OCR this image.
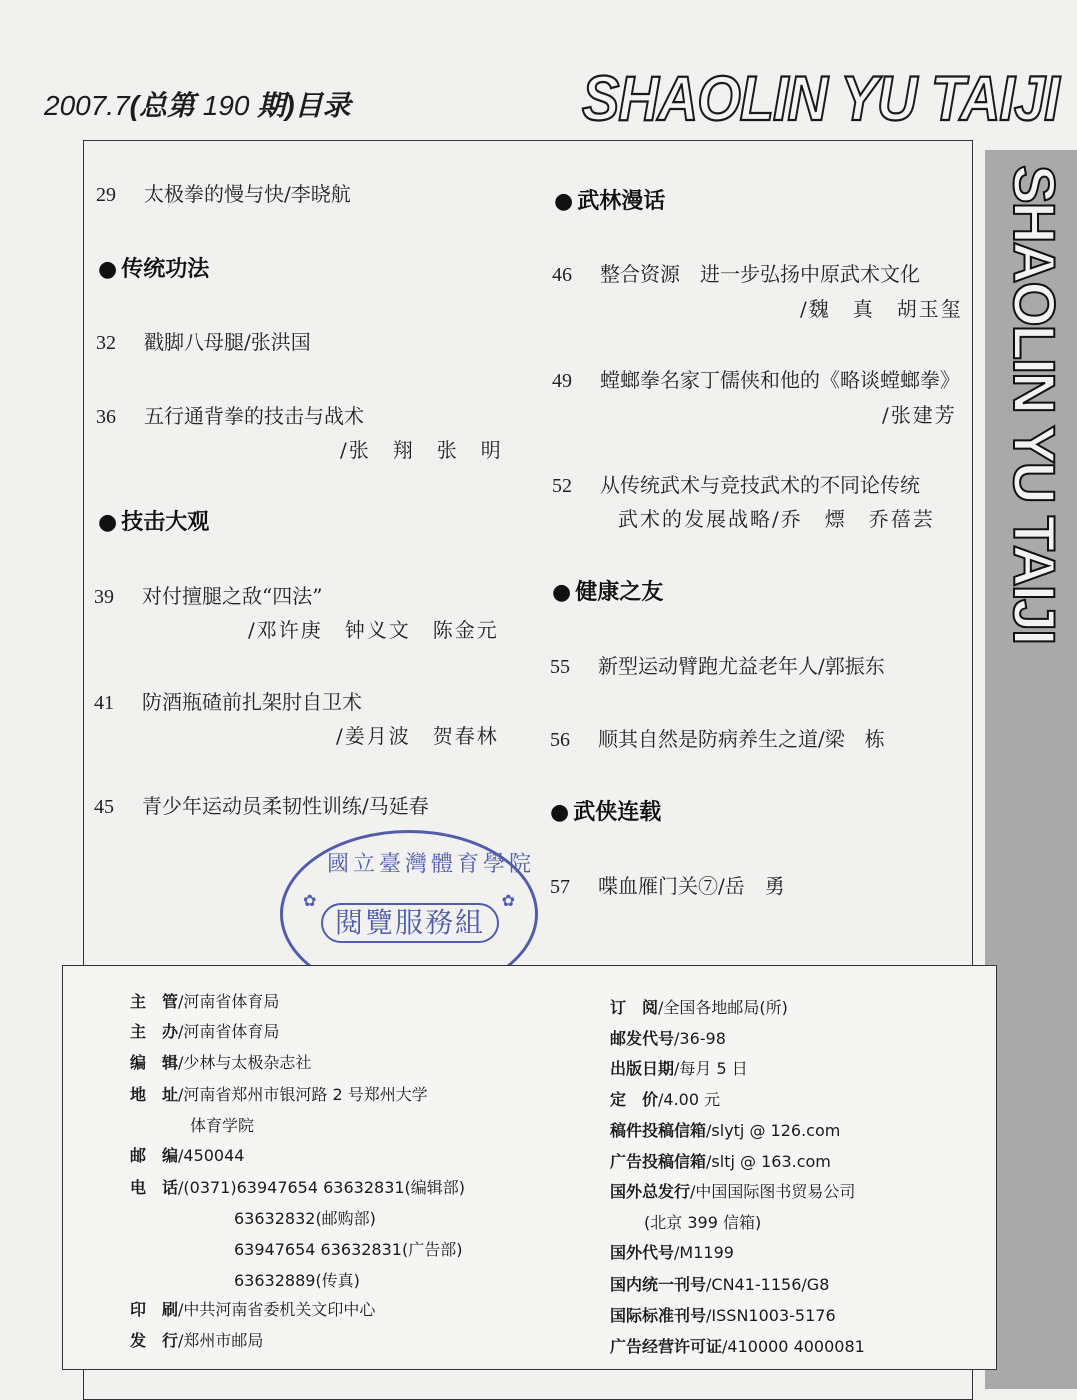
2007.7(总第 190 期)目录	SHAOLIN YU TAIJI
SHAOLIN YU TAIJI
29 太极拳的慢与快/李晓航
● 传统功法
32 戳脚八母腿/张洪国
36 五行通背拳的技击与战术
/张　翔　张　明
● 技击大观
39 对付擅腿之敌“四法”
/邓许庚　钟义文　陈金元
41 防酒瓶碴前扎架肘自卫术
/姜月波　贺春林
45 青少年运动员柔韧性训练/马延春
● 武林漫话
46 整合资源　进一步弘扬中原武术文化
/魏　真　胡玉玺
49 螳螂拳名家丁儒侠和他的《略谈螳螂拳》
/张建芳
52 从传统武术与竞技武术的不同论传统
武术的发展战略/乔　熛　乔蓓芸
● 健康之友
55 新型运动臂跑尤益老年人/郭振东
56 顺其自然是防病养生之道/梁　栋
● 武侠连载
57 喋血雁门关⑦/岳　勇
✿	✿
國立臺灣體育學院
閱覽服務組
主　管/河南省体育局
主　办/河南省体育局
编　辑/少林与太极杂志社
地　址/河南省郑州市银河路 2 号郑州大学
体育学院
邮　编/450044
电　话/(0371)63947654 63632831(编辑部)
63632832(邮购部)
63947654 63632831(广告部)
63632889(传真)
印　刷/中共河南省委机关文印中心
发　行/郑州市邮局
订　阅/全国各地邮局(所)
邮发代号/36-98
出版日期/每月 5 日
定　价/4.00 元
稿件投稿信箱/slytj @ 126.com
广告投稿信箱/sltj @ 163.com
国外总发行/中国国际图书贸易公司
(北京 399 信箱)
国外代号/M1199
国内统一刊号/CN41-1156/G8
国际标准刊号/ISSN1003-5176
广告经营许可证/410000 4000081
